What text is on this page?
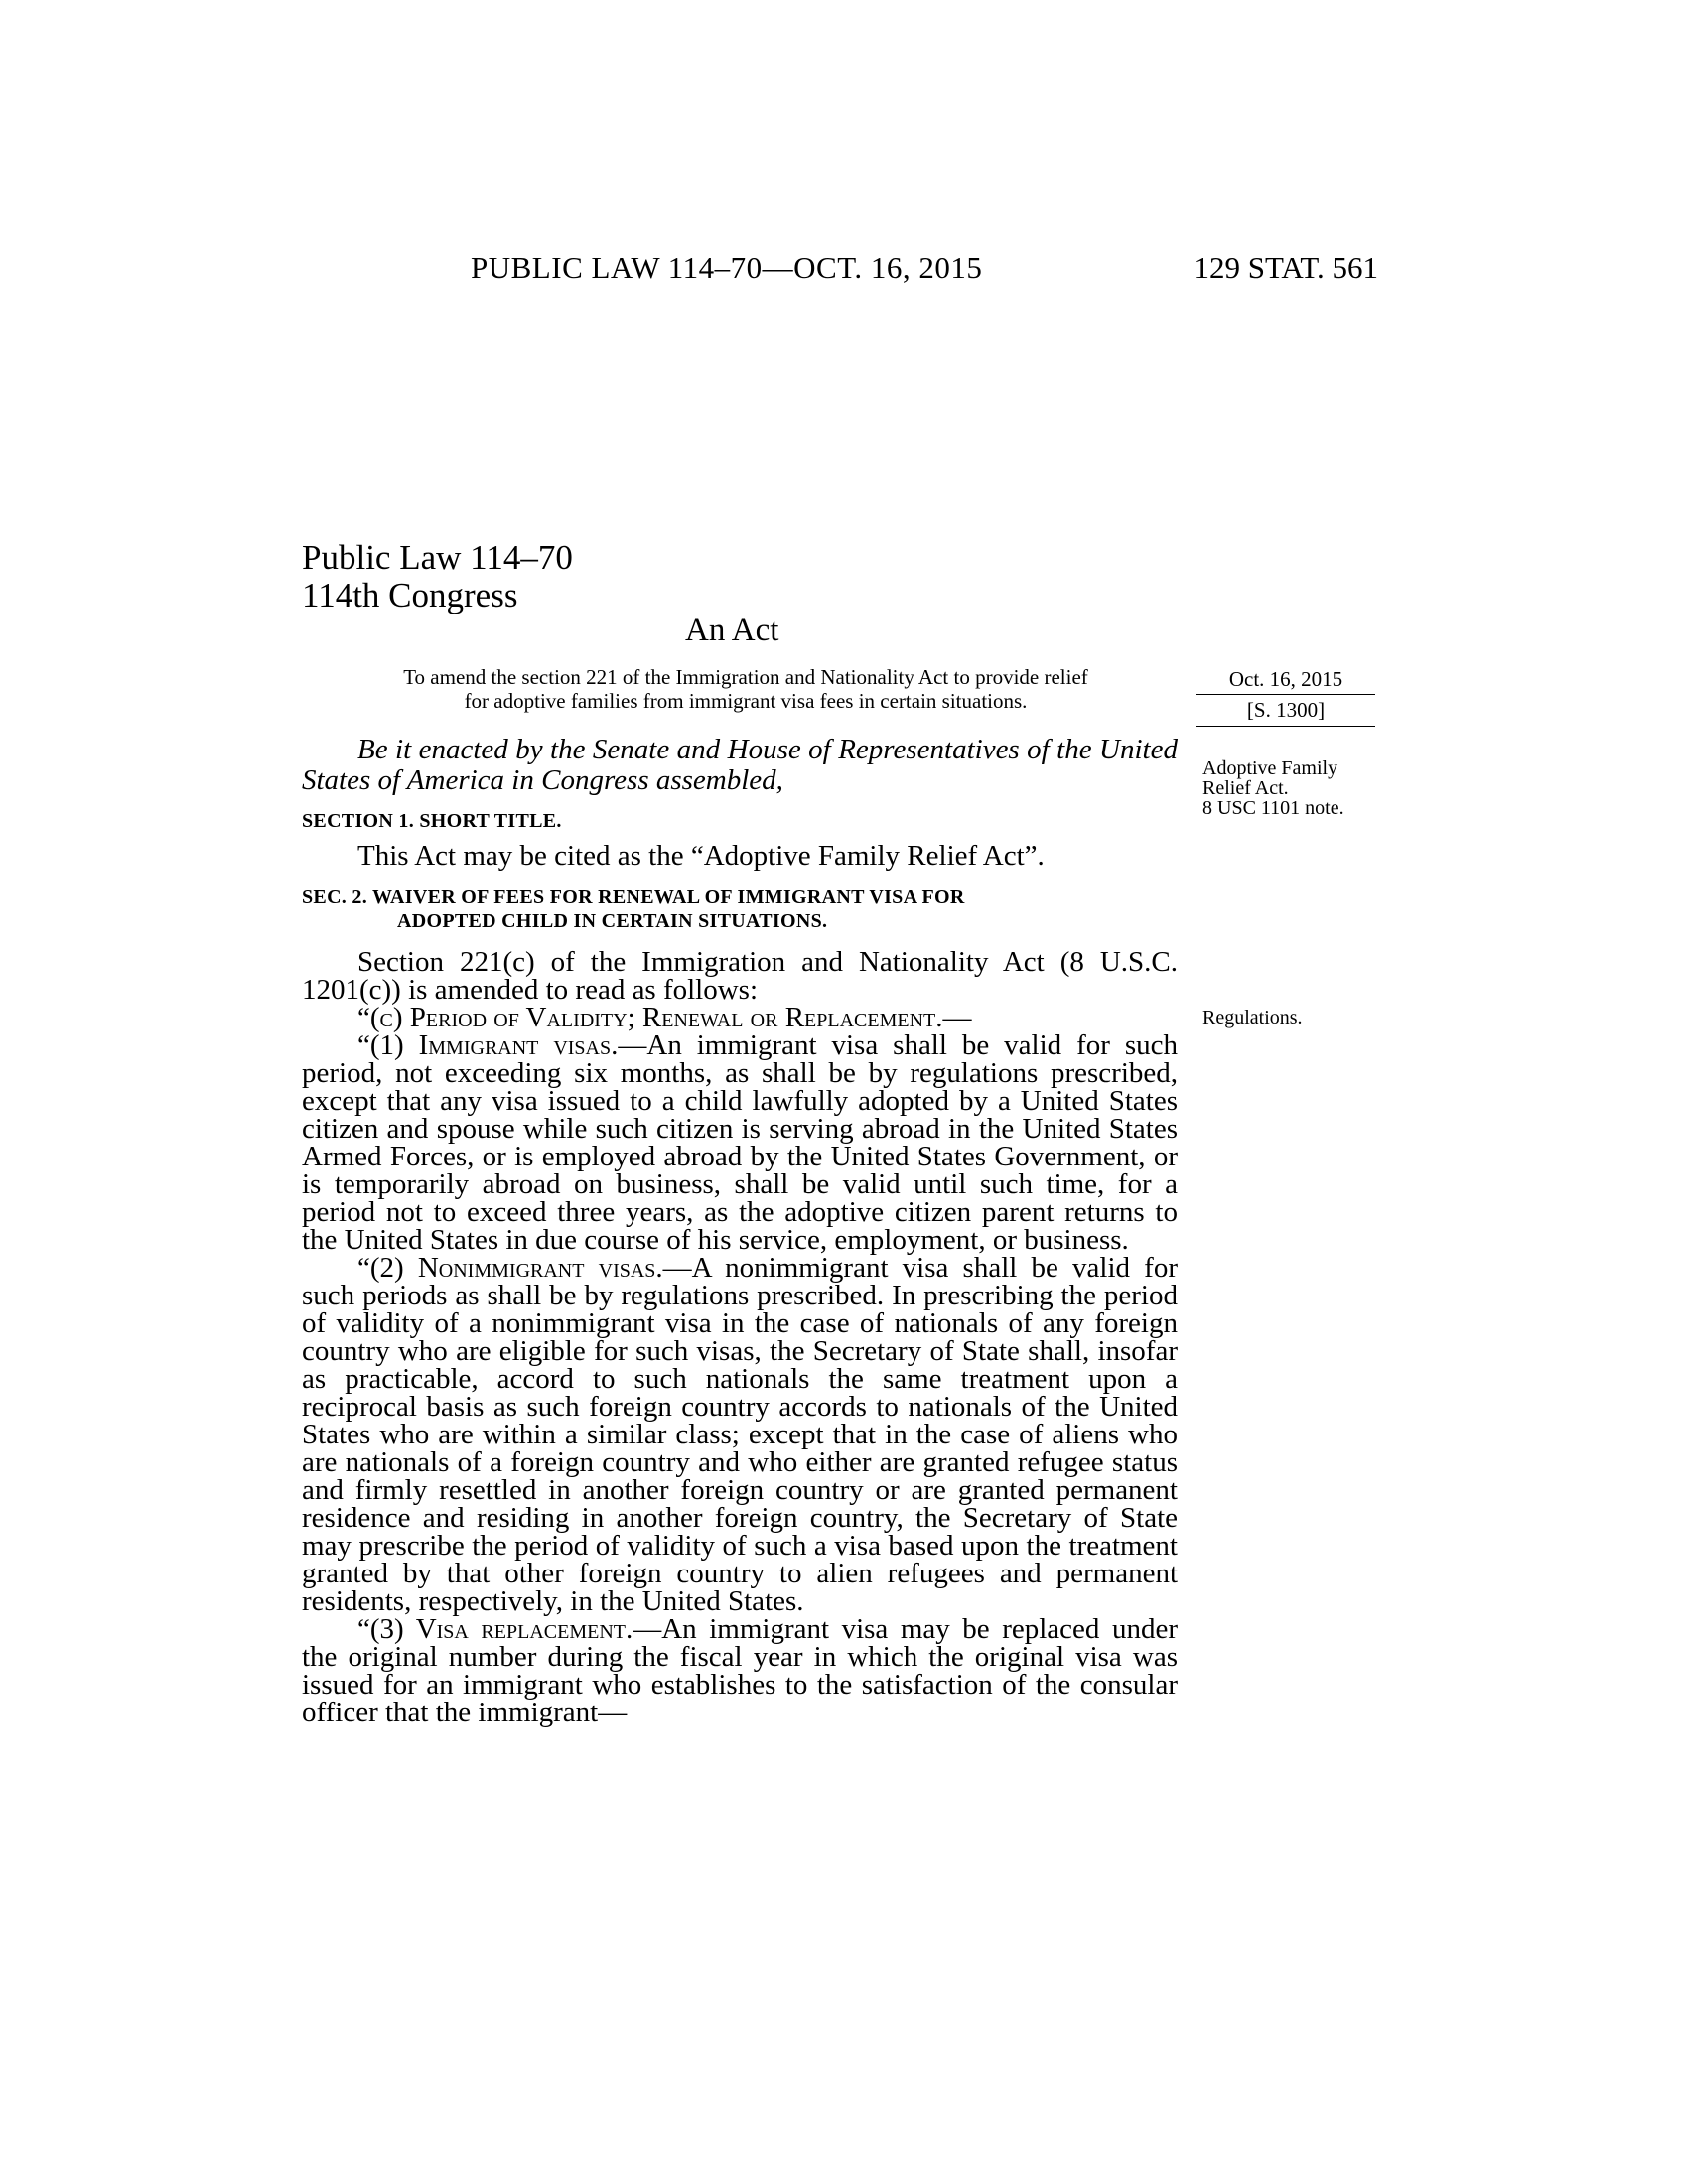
PUBLIC LAW 114–70—OCT. 16, 2015	129 STAT. 561
Public Law 114–70
114th Congress
An Act
To amend the section 221 of the Immigration and Nationality Act to provide relief
for adoptive families from immigrant visa fees in certain situations.
Oct. 16, 2015
[S. 1300]
Be it enacted by the Senate and House of Representatives of the United States of America in Congress assembled,	Adoptive Family
Relief Act.
8 USC 1101 note.
SECTION 1. SHORT TITLE.
This Act may be cited as the “Adoptive Family Relief Act”.
SEC. 2. WAIVER OF FEES FOR RENEWAL OF IMMIGRANT VISA FOR
ADOPTED CHILD IN CERTAIN SITUATIONS.
Section 221(c) of the Immigration and Nationality Act (8 U.S.C. 1201(c)) is amended to read as follows:
“(c) Period of Validity; Renewal or Replacement.—
“(1) Immigrant visas.—An immigrant visa shall be valid for such period, not exceeding six months, as shall be by regulations prescribed, except that any visa issued to a child lawfully adopted by a United States citizen and spouse while such citizen is serving abroad in the United States Armed Forces, or is employed abroad by the United States Government, or is temporarily abroad on business, shall be valid until such time, for a period not to exceed three years, as the adoptive citizen parent returns to the United States in due course of his service, employment, or business.
“(2) Nonimmigrant visas.—A nonimmigrant visa shall be valid for such periods as shall be by regulations prescribed. In prescribing the period of validity of a nonimmigrant visa in the case of nationals of any foreign country who are eligible for such visas, the Secretary of State shall, insofar as practicable, accord to such nationals the same treatment upon a reciprocal basis as such foreign country accords to nationals of the United States who are within a similar class; except that in the case of aliens who are nationals of a foreign country and who either are granted refugee status and firmly resettled in another foreign country or are granted permanent residence and residing in another foreign country, the Secretary of State may prescribe the period of validity of such a visa based upon the treatment granted by that other foreign country to alien refugees and permanent residents, respectively, in the United States.
“(3) Visa replacement.—An immigrant visa may be replaced under the original number during the fiscal year in which the original visa was issued for an immigrant who establishes to the satisfaction of the consular officer that the immigrant—
Regulations.
